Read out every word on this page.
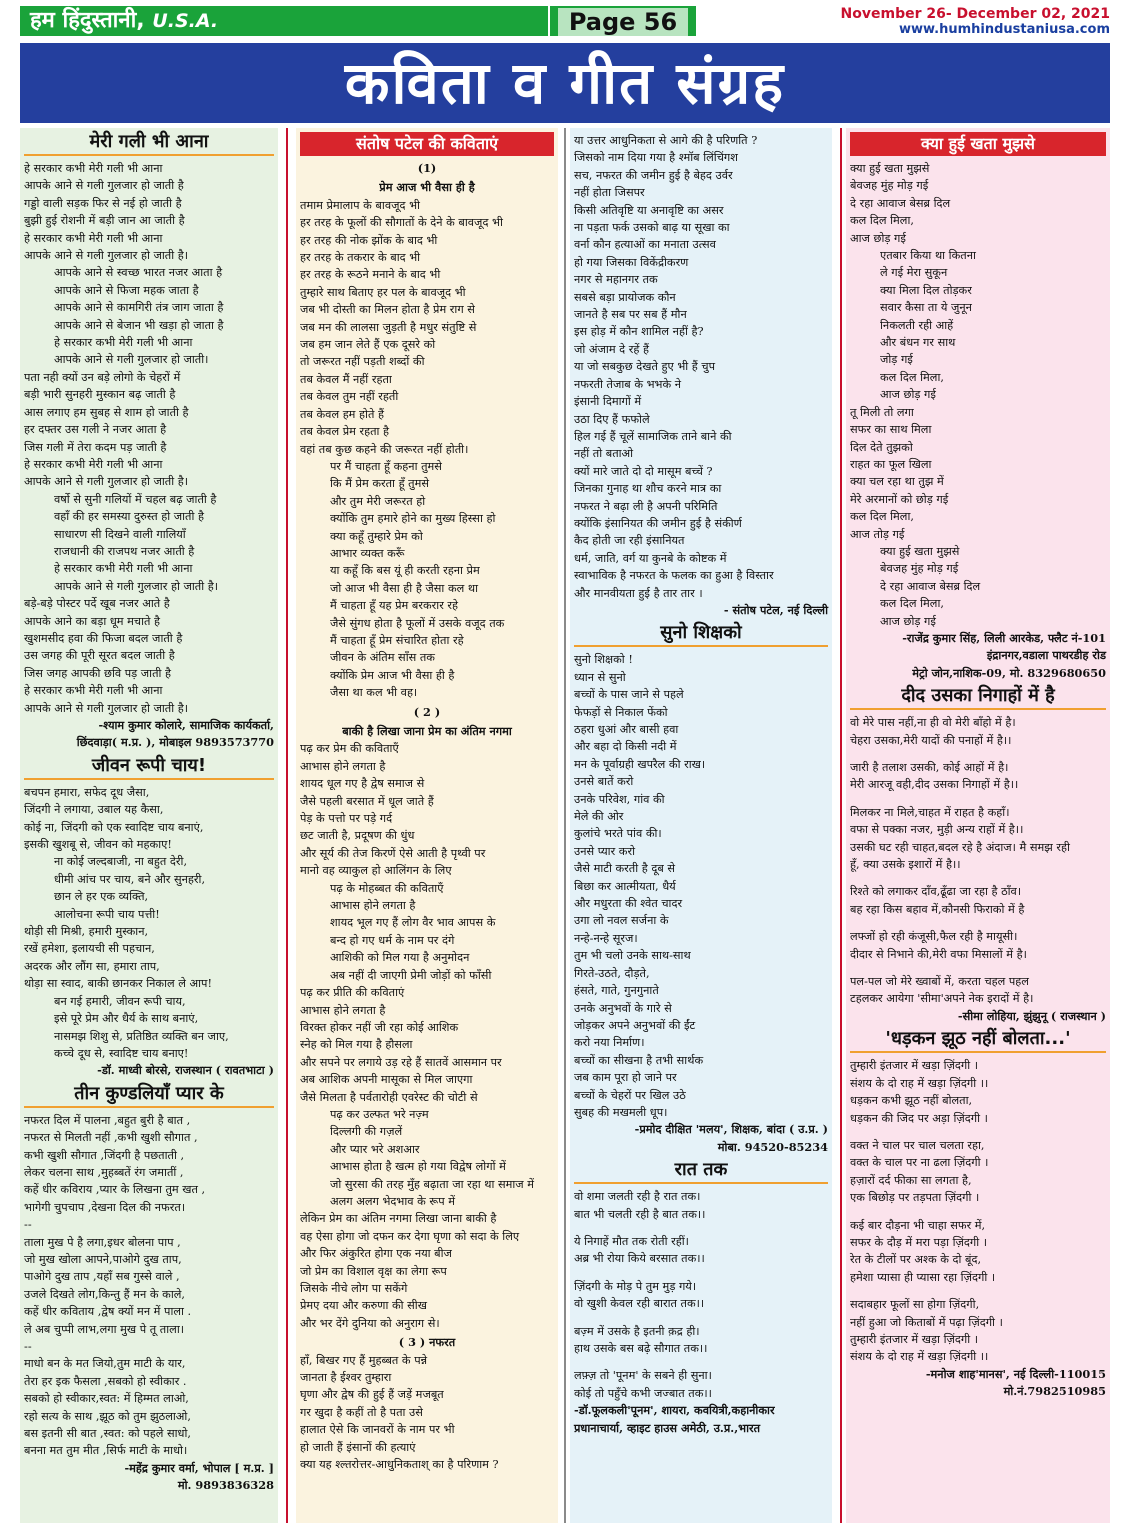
हम हिंदुस्तानी, U.S.A.	Page 56	November 26- December 02, 2021
www.humhindustaniusa.com
कविता व गीत संग्रह
मेरी गली भी आना
हे सरकार कभी मेरी गली भी आना
आपके आने से गली गुलजार हो जाती है
गड्डो वाली सड़क फिर से नई हो जाती है
बुझी हुई रोशनी में बड़ी जान आ जाती है
हे सरकार कभी मेरी गली भी आना
आपके आने से गली गुलजार हो जाती है।
आपके आने से स्वच्छ भारत नजर आता है
आपके आने से फिजा महक जाता है
आपके आने से कामगिरी तंत्र जाग जाता है
आपके आने से बेजान भी खड़ा हो जाता है
हे सरकार कभी मेरी गली भी आना
आपके आने से गली गुलजार हो जाती।
पता नही क्यों उन बड़े लोगो के चेहरों में
बड़ी भारी सुनहरी मुस्कान बढ़ जाती है
आस लगाए हम सुबह से शाम हो जाती है
हर दफ्तर उस गली ने नजर आता है
जिस गली में तेरा कदम पड़ जाती है
हे सरकार कभी मेरी गली भी आना
आपके आने से गली गुलजार हो जाती है।
वर्षो से सुनी गलियों में चहल बढ़ जाती है
वहाँ की हर समस्या दुरुस्त हो जाती है
साधारण सी दिखने वाली गालियाँ
राजधानी की राजपथ नजर आती है
हे सरकार कभी मेरी गली भी आना
आपके आने से गली गुलजार हो जाती है।
बड़े-बड़े पोस्टर पर्दे खूब नजर आते है
आपके आने का बड़ा धूम मचाते है
खुशमसीद हवा की फिजा बदल जाती है
उस जगह की पूरी सूरत बदल जाती है
जिस जगह आपकी छवि पड़ जाती है
हे सरकार कभी मेरी गली भी आना
आपके आने से गली गुलजार हो जाती है।
-श्याम कुमार कोलारे, सामाजिक कार्यकर्ता,
छिंदवाड़ा( म.प्र. ), मोबाइल 9893573770
जीवन रूपी चाय!
बचपन हमारा, सफेद दूध जैसा,
जिंदगी ने लगाया, उबाल यह कैसा,
कोई ना, जिंदगी को एक स्वादिष्ट चाय बनाएं,
इसकी खुशबू से, जीवन को महकाए!
ना कोई जल्दबाजी, ना बहुत देरी,
धीमी आंच पर चाय, बने और सुनहरी,
छान ले हर एक व्यक्ति,
आलोचना रूपी चाय पत्ती!
थोड़ी सी मिश्री, हमारी मुस्कान,
रखें हमेशा, इलायची सी पहचान,
अदरक और लौंग सा, हमारा ताप,
थोड़ा सा स्वाद, बाकी छानकर निकाल ले आप!
बन गई हमारी, जीवन रूपी चाय,
इसे पूरे प्रेम और धैर्य के साथ बनाएं,
नासमझ शिशु से, प्रतिष्ठित व्यक्ति बन जाए,
कच्चे दूध से, स्वादिष्ट चाय बनाए!
-डॉ. माध्वी बोरसे, राजस्थान ( रावतभाटा )
तीन कुण्डलियाँ प्यार के
नफरत दिल में पालना ,बहुत बुरी है बात ,
नफरत से मिलती नहीं ,कभी खुशी सौगात ,
कभी खुशी सौगात ,जिंदगी है पछताती ,
लेकर चलना साथ ,मुहब्बतें रंग जमातीं ,
कहें धीर कविराय ,प्यार के लिखना तुम खत ,
भागेगी चुपचाप ,देखना दिल की नफरत।
--
ताला मुख पे है लगा,इधर बोलना पाप ,
जो मुख खोला आपने,पाओगे दुख ताप,
पाओगे दुख ताप ,यहाँ सब गुस्से वाले ,
उजले दिखते लोग,किन्तु हैं मन के काले,
कहें धीर कविताय ,द्वेष क्यों मन में पाला .
ले अब चुप्पी लाभ,लगा मुख पे तू ताला।
--
माधो बन के मत जियो,तुम माटी के यार,
तेरा हर इक फैसला ,सबको हो स्वीकार .
सबको हो स्वीकार,स्वत: में हिम्मत लाओ,
रहो सत्य के साथ ,झूठ को तुम झुठलाओ,
बस इतनी सी बात ,स्वत: को पहले साधो,
बनना मत तुम मीत ,सिर्फ माटी के माधो।
-महेंद्र कुमार वर्मा, भोपाल [ म.प्र. ]
मो. 9893836328
संतोष पटेल की कविताएं
(1)
प्रेम आज भी वैसा ही है
तमाम प्रेमालाप के बावजूद भी
हर तरह के फूलों की सौगातों के देने के बावजूद भी
हर तरह की नोक झोंक के बाद भी
हर तरह के तकरार के बाद भी
हर तरह के रूठने मनाने के बाद भी
तुम्हारे साथ बिताए हर पल के बावजूद भी
जब भी दोस्ती का मिलन होता है प्रेम राग से
जब मन की लालसा जुड़ती है मधुर संतुष्टि से
जब हम जान लेते हैं एक दूसरे को
तो जरूरत नहीं पड़ती शब्दों की
तब केवल मैं नहीं रहता
तब केवल तुम नहीं रहती
तब केवल हम होते हैं
तब केवल प्रेम रहता है
वहां तब कुछ कहने की जरूरत नहीं होती।
पर मैं चाहता हूँ कहना तुमसे
कि मैं प्रेम करता हूँ तुमसे
और तुम मेरी जरूरत हो
क्योंकि तुम हमारे होने का मुख्य हिस्सा हो
क्या कहूँ तुम्हारे प्रेम को
आभार व्यक्त करूँ
या कहूँ कि बस यूं ही करती रहना प्रेम
जो आज भी वैसा ही है जैसा कल था
मैं चाहता हूँ यह प्रेम बरकरार रहे
जैसे सुंगध होता है फूलों में उसके वजूद तक
मैं चाहता हूँ प्रेम संचारित होता रहे
जीवन के अंतिम साँस तक
क्योंकि प्रेम आज भी वैसा ही है
जैसा था कल भी वह।
( 2 )
बाकी है लिखा जाना प्रेम का अंतिम नगमा
पढ़ कर प्रेम की कविताएँ
आभास होने लगता है
शायद धूल गए है द्वेष समाज से
जैसे पहली बरसात में धूल जाते हैं
पेड़ के पत्तो पर पड़े गर्द
छट जाती है, प्रदूषण की धुंध
और सूर्य की तेज किरणें ऐसे आती है पृथ्वी पर
मानो वह व्याकुल हो आलिंगन के लिए
पढ़ के मोहब्बत की कविताएँ
आभास होने लगता है
शायद भूल गए हैं लोग वैर भाव आपस के
बन्द हो गए धर्म के नाम पर दंगे
आशिकी को मिल गया है अनुमोदन
अब नहीं दी जाएगी प्रेमी जोड़ों को फाँसी
पढ़ कर प्रीति की कविताएं
आभास होने लगता है
विरक्त होकर नहीं जी रहा कोई आशिक
स्नेह को मिल गया है हौसला
और सपने पर लगाये उड़ रहे हैं सातवें आसमान पर
अब आशिक अपनी मासूका से मिल जाएगा
जैसे मिलता है पर्वतारोही एवरेस्ट की चोटी से
पढ़ कर उल्फत भरे नज़्म
दिल्लगी की गज़लें
और प्यार भरे अशआर
आभास होता है खत्म हो गया विद्वेष लोगों में
जो सुरसा की तरह मुँह बढ़ाता जा रहा था समाज में
अलग अलग भेदभाव के रूप में
लेकिन प्रेम का अंतिम नगमा लिखा जाना बाकी है
वह ऐसा होगा जो दफन कर देगा घृणा को सदा के लिए
और फिर अंकुरित होगा एक नया बीज
जो प्रेम का विशाल वृक्ष का लेगा रूप
जिसके नीचे लोग पा सकेंगे
प्रेमए दया और करुणा की सीख
और भर देंगे दुनिया को अनुराग से।
( 3 ) नफरत
हाँ, बिखर गए हैं मुहब्बत के पन्ने
जानता है ईश्वर तुम्हारा
घृणा और द्वेष की हुई हैं जड़ें मजबूत
गर खुदा है कहीं तो है पता उसे
हालात ऐसे कि जानवरों के नाम पर भी
हो जाती हैं इंसानों की हत्याएं
क्या यह श्ल्तरोत्तर-आधुनिकताश् का है परिणाम ?
या उत्तर आधुनिकता से आगे की है परिणति ?
जिसको नाम दिया गया है श्मॉब लिंचिंगश
सच, नफरत की जमीन हुई है बेहद उर्वर
नहीं होता जिसपर
किसी अतिवृष्टि या अनावृष्टि का असर
ना पड़ता फर्क उसको बाढ़ या सूखा का
वर्ना कौन हत्याओं का मनाता उत्सव
हो गया जिसका विकेंद्रीकरण
नगर से महानगर तक
सबसे बड़ा प्रायोजक कौन
जानते है सब पर सब हैं मौन
इस होड़ में कौन शामिल नहीं है?
जो अंजाम दे रहें हैं
या जो सबकुछ देखते हुए भी हैं चुप
नफरती तेजाब के भभके ने
इंसानी दिमागों में
उठा दिए हैं फफोले
हिल गई हैं चूलें सामाजिक ताने बाने की
नहीं तो बताओ
क्यों मारे जाते दो दो मासूम बच्चें ?
जिनका गुनाह था शौच करने मात्र का
नफरत ने बढ़ा ली है अपनी परिमिति
क्योंकि इंसानियत की जमीन हुई है संकीर्ण
कैद होती जा रही इंसानियत
धर्म, जाति, वर्ग या कुनबे के कोष्टक में
स्वाभाविक है नफरत के फलक का हुआ है विस्तार
और मानवीयता हुई है तार तार ।
- संतोष पटेल, नई दिल्ली
सुनो शिक्षको
सुनो शिक्षको !
ध्यान से सुनो
बच्चों के पास जाने से पहले
फेफड़ों से निकाल फेंको
ठहरा धुआं और बासी हवा
और बहा दो किसी नदी में
मन के पूर्वाग्रही खपरैल की राख।
उनसे बातें करो
उनके परिवेश, गांव की
मेले की ओर
कुलांचे भरते पांव की।
उनसे प्यार करो
जैसे माटी करती है दूब से
बिछा कर आत्मीयता, धैर्य
और मधुरता की श्वेत चादर
उगा लो नवल सर्जना के
नन्हे-नन्हे सूरज।
तुम भी चलो उनके साथ-साथ
गिरते-उठते, दौड़ते,
हंसते, गाते, गुनगुनाते
उनके अनुभवों के गारे से
जोड़कर अपने अनुभवों की ईंट
करो नया निर्माण।
बच्चों का सीखना है तभी सार्थक
जब काम पूरा हो जाने पर
बच्चों के चेहरों पर खिल उठे
सुबह की मखमली धूप।
-प्रमोद दीक्षित 'मलय', शिक्षक, बांदा ( उ.प्र. )
मोबा. 94520-85234
रात तक
वो शमा जलती रही है रात तक।
बात भी चलती रही है बात तक।।
ये निगाहें मौत तक रोती रहीं।
अब्र भी रोया किये बरसात तक।।
ज़िंदगी के मोड़ पे तुम मुड़ गये।
वो खुशी केवल रही बारात तक।।
बज़्म में उसके है इतनी क़द्र ही।
हाथ उसके बस बढ़े सौगात तक।।
लफ़्ज़ तो 'पूनम' के सबने ही सुना।
कोई तो पहुँचे कभी जज्बात तक।।
-डॉ.फूलकली'पूनम', शायरा, कवयित्री,कहानीकार
प्रधानाचार्या, व्हाइट हाउस अमेठी, उ.प्र.,भारत
क्या हुई खता मुझसे
क्या हुई खता मुझसे
बेवजह मुंह मोड़ गई
दे रहा आवाज बेसब्र दिल
कल दिल मिला,
आज छोड़ गई
एतबार किया था कितना
ले गई मेरा सुकून
क्या मिला दिल तोड़कर
सवार कैसा ता ये जुनून
निकलती रही आहें
और बंधन गर साथ
जोड़ गई
कल दिल मिला,
आज छोड़ गई
तू मिली तो लगा
सफर का साथ मिला
दिल देते तुझको
राहत का फूल खिला
क्या चल रहा था तुझ में
मेरे अरमानों को छोड़ गई
कल दिल मिला,
आज तोड़ गई
क्या हुई खता मुझसे
बेवजह मुंह मोड़ गई
दे रहा आवाज बेसब्र दिल
कल दिल मिला,
आज छोड़ गई
-राजेंद्र कुमार सिंह, लिली आरकेड, फ्लैट नं-101
इंद्रानगर,वडाला पाथरडीह रोड
मेट्रो जोन,नाशिक-09, मो. 8329680650
दीद उसका निगाहों में है
वो मेरे पास नहीं,ना ही वो मेरी बाँहो में है।
चेहरा उसका,मेरी यादों की पनाहों में है।।
जारी है तलाश उसकी, कोई आहों में है।
मेरी आरजू वही,दीद उसका निगाहों में है।।
मिलकर ना मिले,चाहत में राहत है कहाँ।
वफा से पक्का नजर, मुड़ी अन्य राहों में है।।
उसकी घट रही चाहत,बदल रहे है अंदाज। मै समझ रही
हूँ, क्या उसके इशारों में है।।
रिश्ते को लगाकर दाँव,ढूँढा जा रहा है ठाँव।
बह रहा किस बहाव में,कौनसी फिराको में है
लफ्जों हो रही कंजूसी,फैल रही है मायूसी।
दीदार से निभाने की,मेरी वफा मिसालों में है।
पल-पल जो मेरे ख्वाबों में, करता चहल पहल
टहलकर आयेगा 'सीमा'अपने नेक इरादों में है।
-सीमा लोहिया, झुंझुनू ( राजस्थान )
'धड़कन झूठ नहीं बोलता...'
तुम्हारी इंतजार में खड़ा ज़िंदगी ।
संशय के दो राह में खड़ा ज़िंदगी ।।
धड़कन कभी झूठ नहीं बोलता,
धड़कन की जिद पर अड़ा ज़िंदगी ।
वक्त ने चाल पर चाल चलता रहा,
वक्त के चाल पर ना ढला ज़िंदगी ।
हज़ारों दर्द फीका सा लगता है,
एक बिछोड़ पर तड़पता ज़िंदगी ।
कई बार दौड़ना भी चाहा सफर में,
सफर के दौड़ में मरा पड़ा ज़िंदगी ।
रेत के टीलों पर अश्क के दो बूंद,
हमेशा प्यासा ही प्यासा रहा ज़िंदगी ।
सदाबहार फूलों सा होगा ज़िंदगी,
नहीं हुआ जो किताबों में पढ़ा ज़िंदगी ।
तुम्हारी इंतजार में खड़ा ज़िंदगी ।
संशय के दो राह में खड़ा ज़िंदगी ।।
-मनोज शाह'मानस', नई दिल्ली-110015
मो.नं.7982510985
